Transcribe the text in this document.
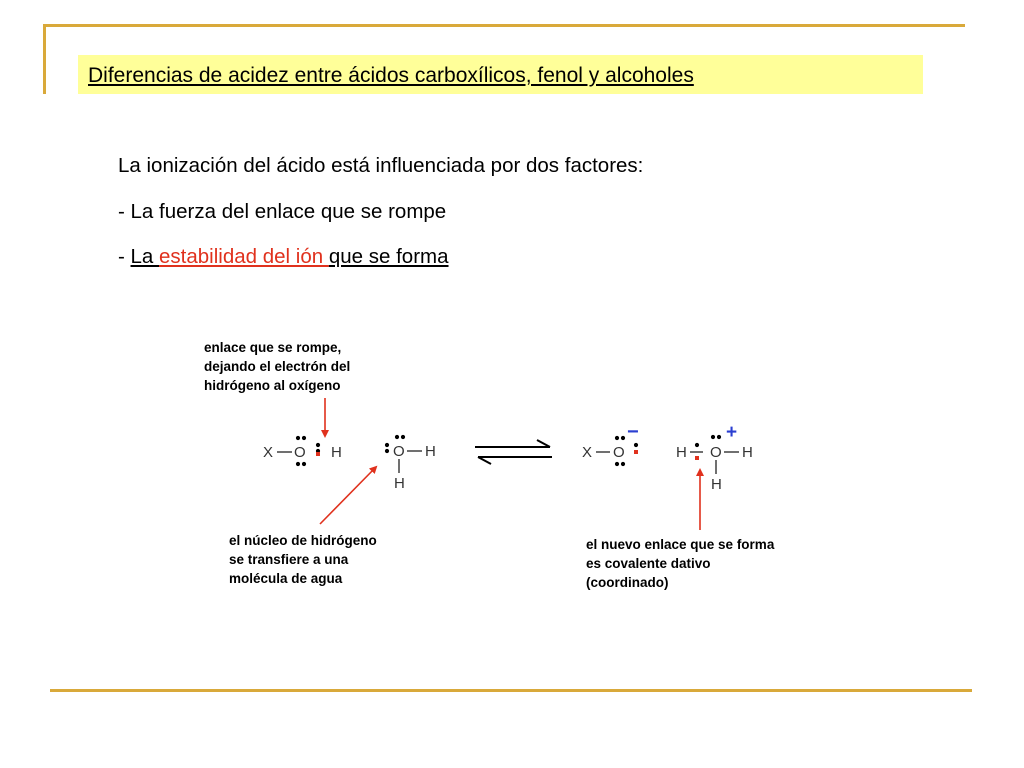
Diferencias de acidez entre ácidos carboxílicos, fenol y alcoholes
La ionización del ácido está influenciada por dos factores:
- La fuerza del enlace que se rompe
- La estabilidad del ión que se forma
enlace que se rompe,
dejando el electrón del
hidrógeno al oxígeno
el núcleo de hidrógeno
se transfiere a una
molécula de agua
el nuevo enlace que se forma
es covalente dativo
(coordinado)
X O H	O H
H
X O
−
H O H
H
+
